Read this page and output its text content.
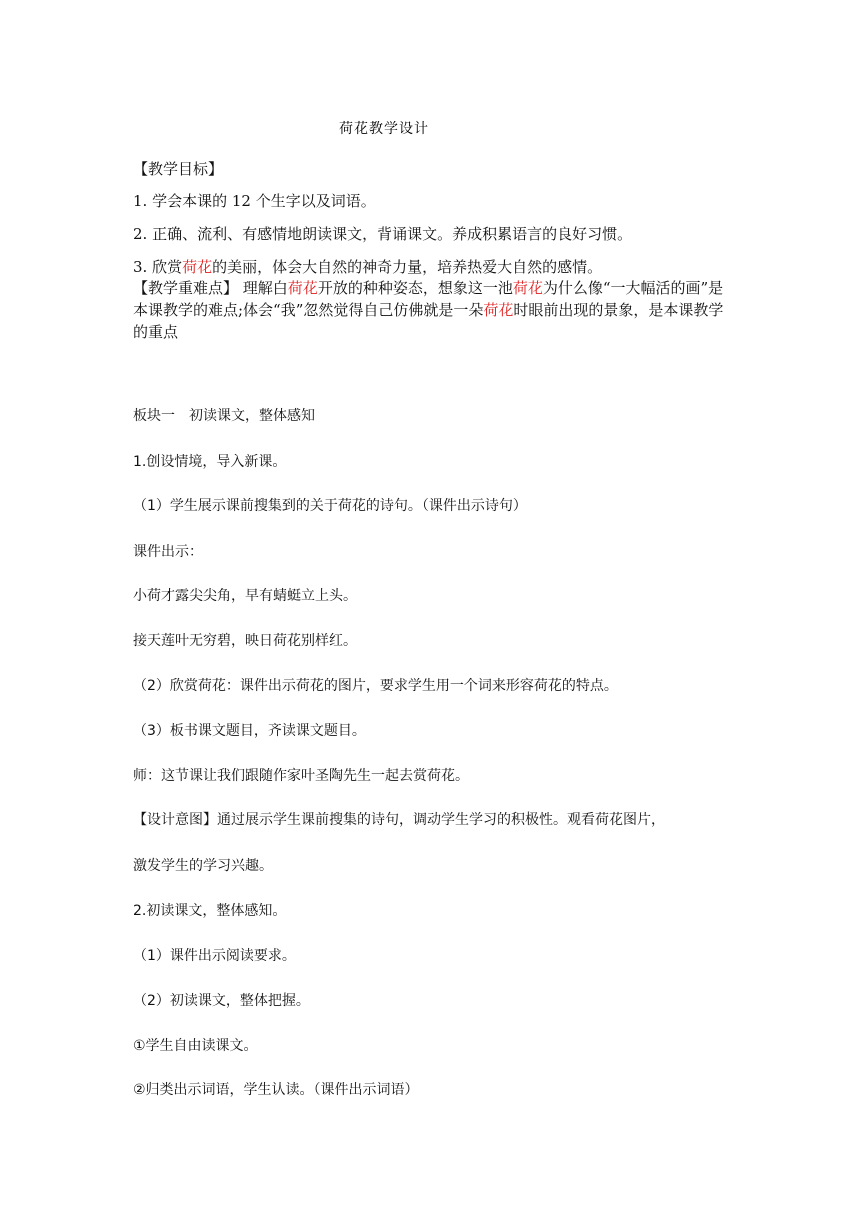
荷花教学设计
【教学目标】
1. 学会本课的 12 个生字以及词语。
2. 正确、流利、有感情地朗读课文，背诵课文。养成积累语言的良好习惯。
3. 欣赏荷花的美丽，体会大自然的神奇力量，培养热爱大自然的感情。
【教学重难点】 理解白荷花开放的种种姿态，想象这一池荷花为什么像“一大幅活的画”是本课教学的难点;体会“我”忽然觉得自己仿佛就是一朵荷花时眼前出现的景象，是本课教学的重点
板块一　初读课文，整体感知
1.创设情境，导入新课。
（1）学生展示课前搜集到的关于荷花的诗句。（课件出示诗句）
课件出示：
小荷才露尖尖角，早有蜻蜓立上头。
接天莲叶无穷碧，映日荷花别样红。
（2）欣赏荷花：课件出示荷花的图片，要求学生用一个词来形容荷花的特点。
（3）板书课文题目，齐读课文题目。
师：这节课让我们跟随作家叶圣陶先生一起去赏荷花。
【设计意图】通过展示学生课前搜集的诗句，调动学生学习的积极性。观看荷花图片，
激发学生的学习兴趣。
2.初读课文，整体感知。
（1）课件出示阅读要求。
（2）初读课文，整体把握。
①学生自由读课文。
②归类出示词语，学生认读。（课件出示词语）
